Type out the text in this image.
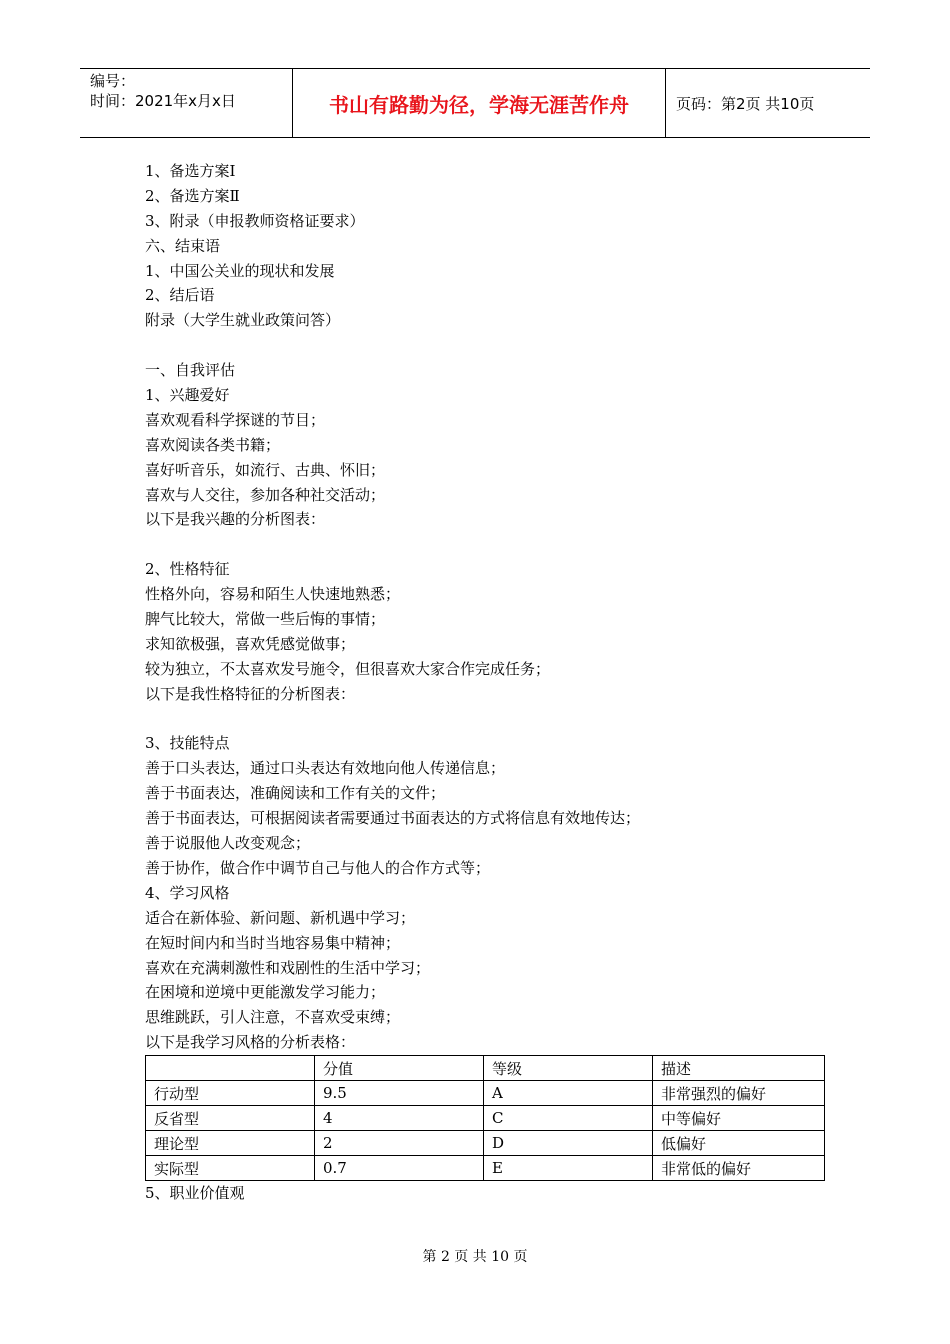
编号：
时间：2021年x月x日	书山有路勤为径，学海无涯苦作舟	页码：第2页 共10页
1、备选方案Ⅰ
2、备选方案Ⅱ
3、附录（申报教师资格证要求）
六、结束语
1、中国公关业的现状和发展
2、结后语
附录（大学生就业政策问答）
一、自我评估
1、兴趣爱好
喜欢观看科学探谜的节目；
喜欢阅读各类书籍；
喜好听音乐，如流行、古典、怀旧；
喜欢与人交往，参加各种社交活动；
以下是我兴趣的分析图表：
2、性格特征
性格外向，容易和陌生人快速地熟悉；
脾气比较大，常做一些后悔的事情；
求知欲极强，喜欢凭感觉做事；
较为独立，不太喜欢发号施令，但很喜欢大家合作完成任务；
以下是我性格特征的分析图表：
3、技能特点
善于口头表达，通过口头表达有效地向他人传递信息；
善于书面表达，准确阅读和工作有关的文件；
善于书面表达，可根据阅读者需要通过书面表达的方式将信息有效地传达；
善于说服他人改变观念；
善于协作，做合作中调节自己与他人的合作方式等；
4、学习风格
适合在新体验、新问题、新机遇中学习；
在短时间内和当时当地容易集中精神；
喜欢在充满刺激性和戏剧性的生活中学习；
在困境和逆境中更能激发学习能力；
思维跳跃，引人注意，不喜欢受束缚；
以下是我学习风格的分析表格：
	分值	等级	描述
行动型	9.5	A	非常强烈的偏好
反省型	4	C	中等偏好
理论型	2	D	低偏好
实际型	0.7	E	非常低的偏好
5、职业价值观
第 2 页 共 10 页
